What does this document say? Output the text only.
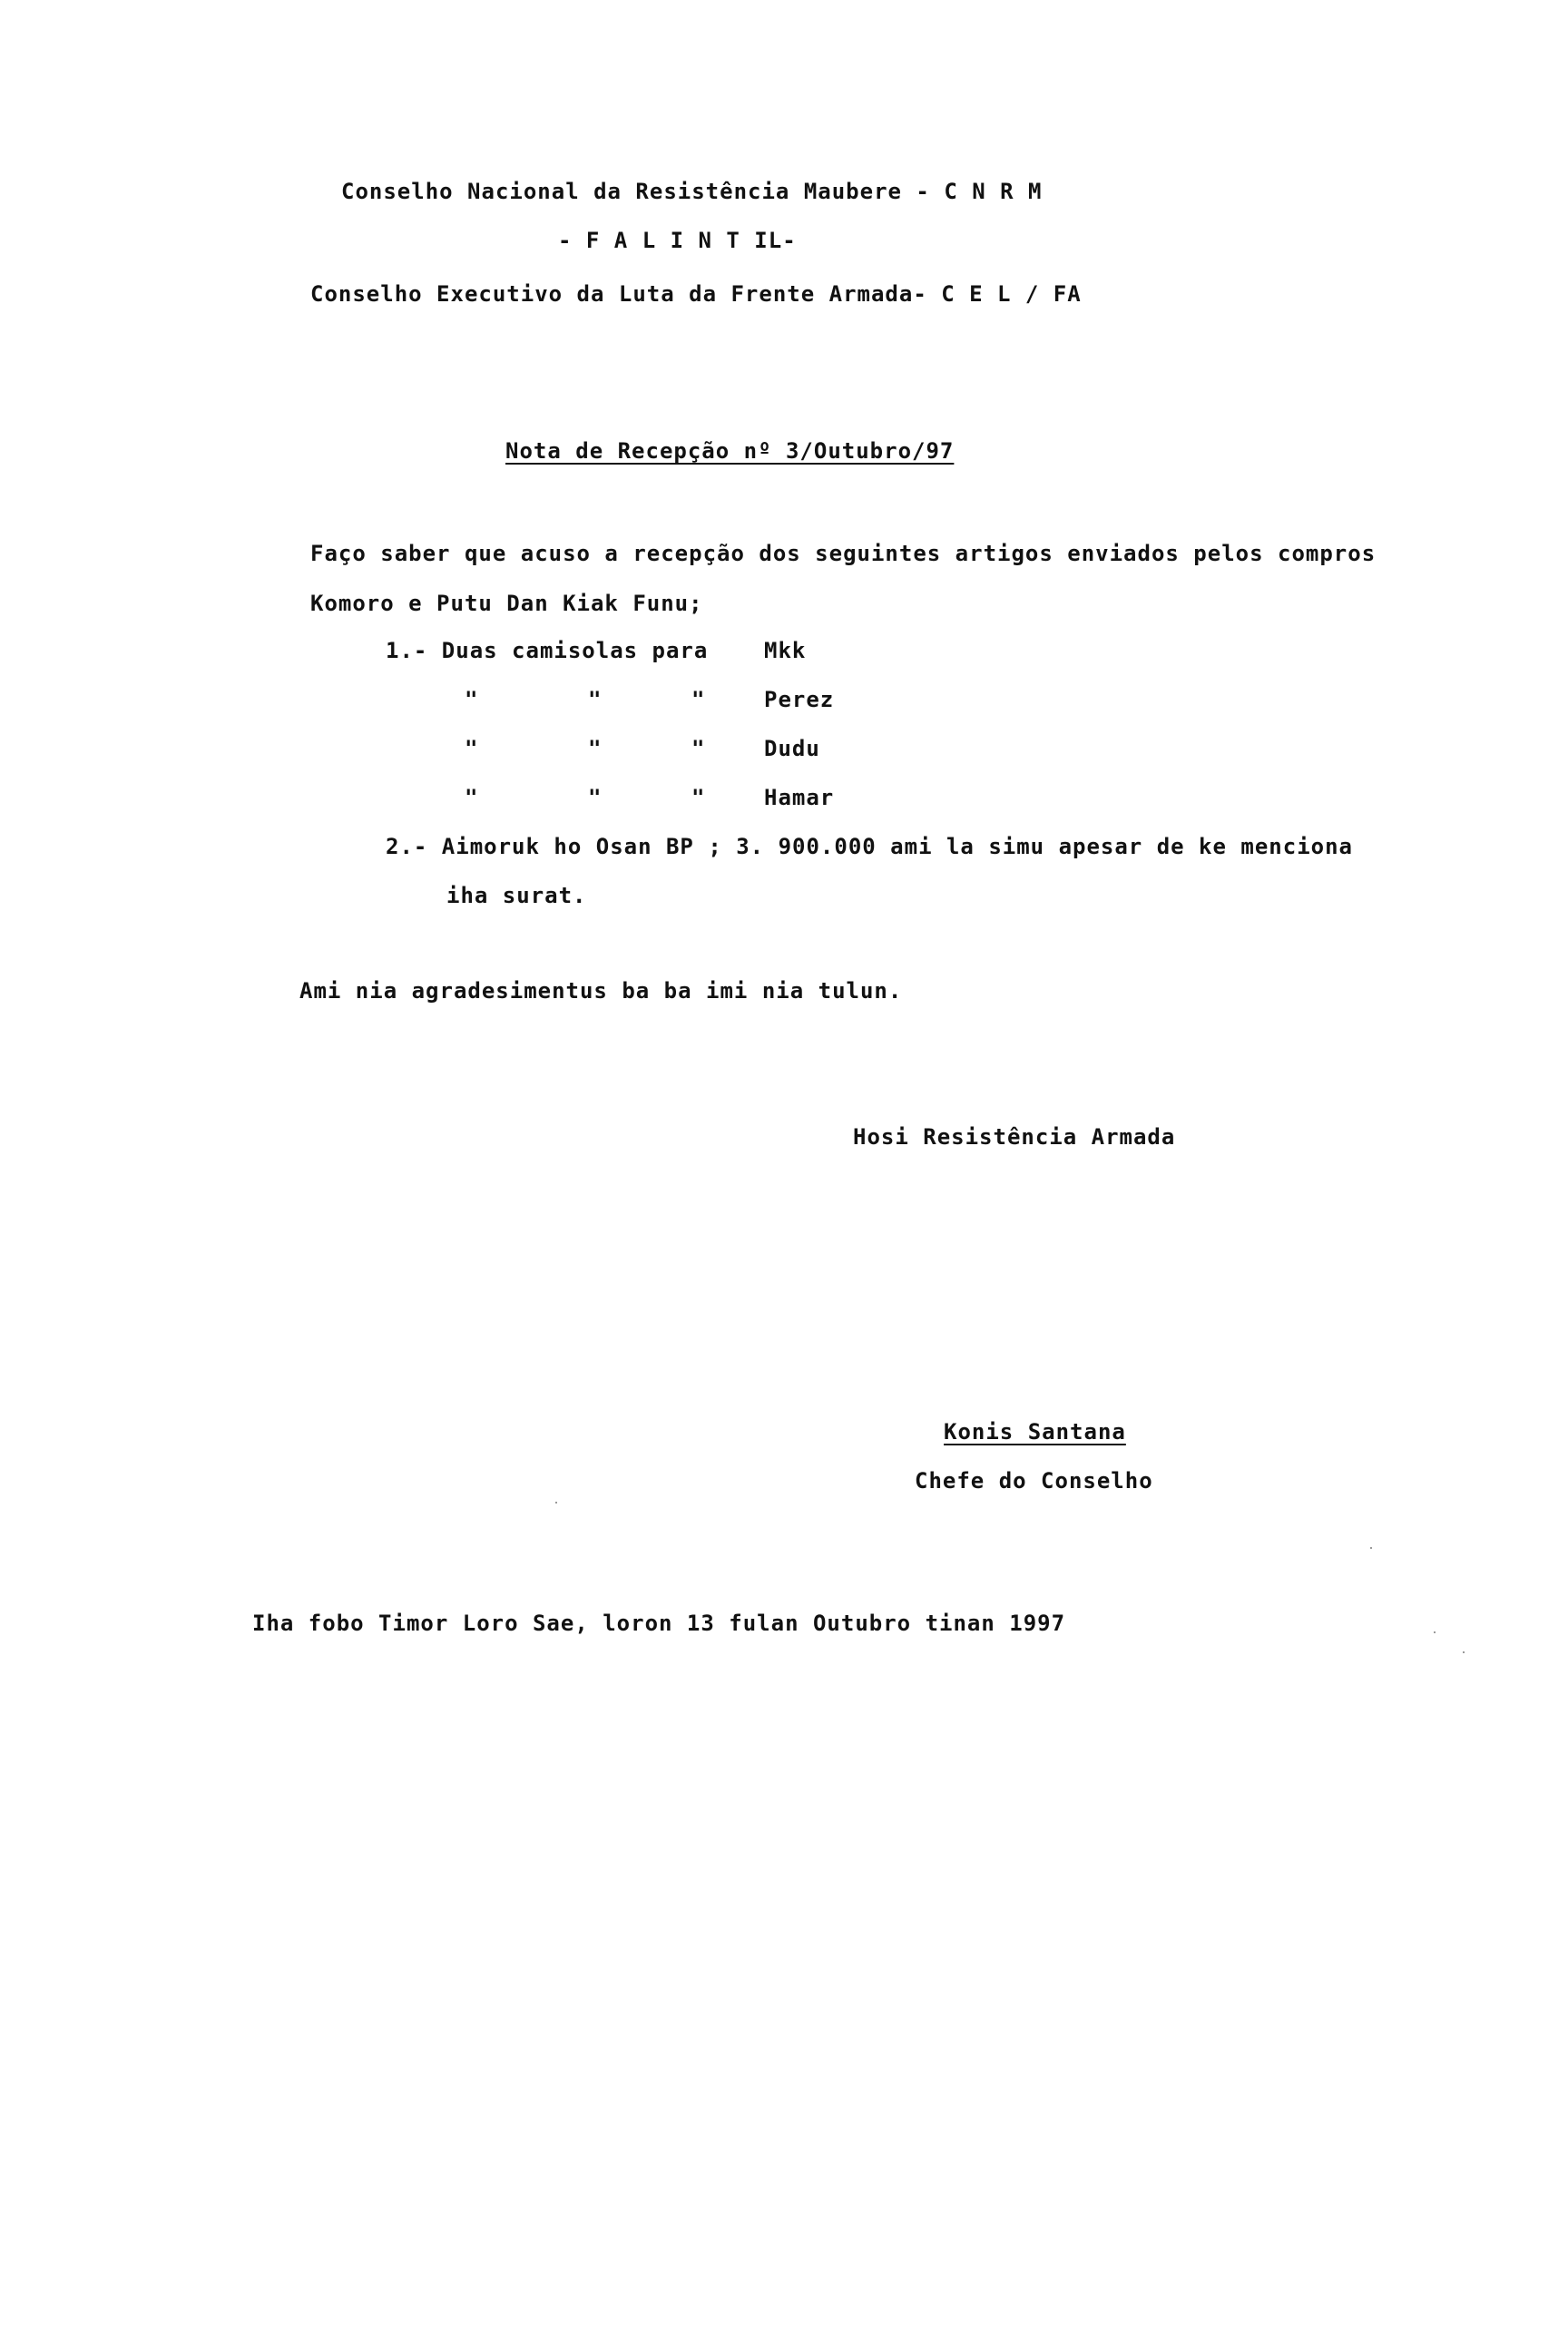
Conselho Nacional da Resistência Maubere - C N R M
- F A L I N T IL-
Conselho Executivo da Luta da Frente Armada- C E L / FA
Nota de Recepção nº 3/Outubro/97
Faço saber que acuso a recepção dos seguintes artigos enviados pelos compros
Komoro e Putu Dan Kiak Funu;
1.- Duas camisolas para	Mkk
"	"	"	Perez
"	"	"	Dudu
"	"	"	Hamar
2.- Aimoruk ho Osan BP ; 3. 900.000 ami la simu apesar de ke menciona
iha surat.
Ami nia agradesimentus ba ba imi nia tulun.
Hosi Resistência Armada
Konis Santana
Chefe do Conselho
Iha fobo Timor Loro Sae, loron 13 fulan Outubro tinan 1997
